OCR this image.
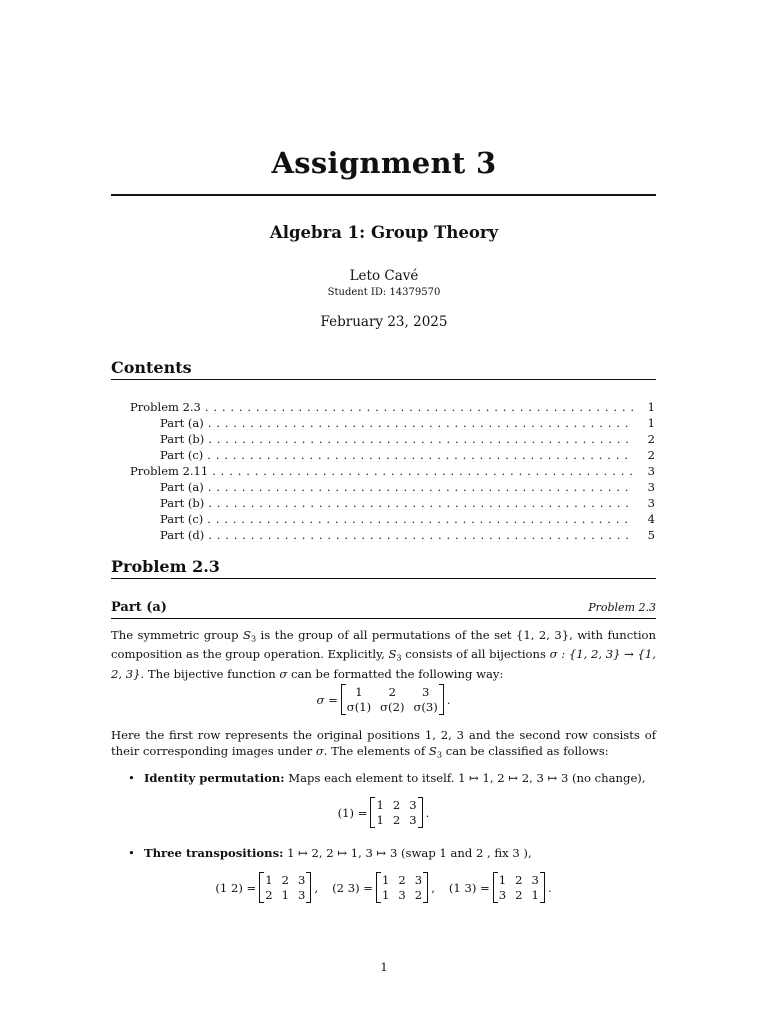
Assignment 3
Algebra 1: Group Theory
Leto Cavé
Student ID: 14379570
February 23, 2025
Contents
Problem 2.3 . . .	1
Part (a) . . .	1
Part (b) . . .	2
Part (c) . . .	2
Problem 2.11 . . .	3
Part (a) . . .	3
Part (b) . . .	3
Part (c) . . .	4
Part (d) . . .	5
Problem 2.3
Part (a)	Problem 2.3
The symmetric group $S_3$ is the group of all permutations of the set {1, 2, 3}, with function composition as the group operation. Explicitly, $S_3$ consists of all bijections σ : {1, 2, 3} → {1, 2, 3}. The bijective function σ can be formatted the following way:
σ =
1	2	3
σ(1) σ(2) σ(3)
.
Here the first row represents the original positions 1, 2, 3 and the second row consists of their corresponding images under σ. The elements of $S_3$ can be classified as follows:
• Identity permutation: Maps each element to itself. 1 ↦ 1, 2 ↦ 2, 3 ↦ 3 (no change),
(1) =
1 2 3
1 2 3
.
• Three transpositions: 1 ↦ 2, 2 ↦ 1, 3 ↦ 3 (swap 1 and 2 , fix 3 ),
(1 2) =
1 2 3
2 1 3
, (2 3) =
1 2 3
1 3 2
, (1 3) =
1 2 3
3 2 1
.
1
